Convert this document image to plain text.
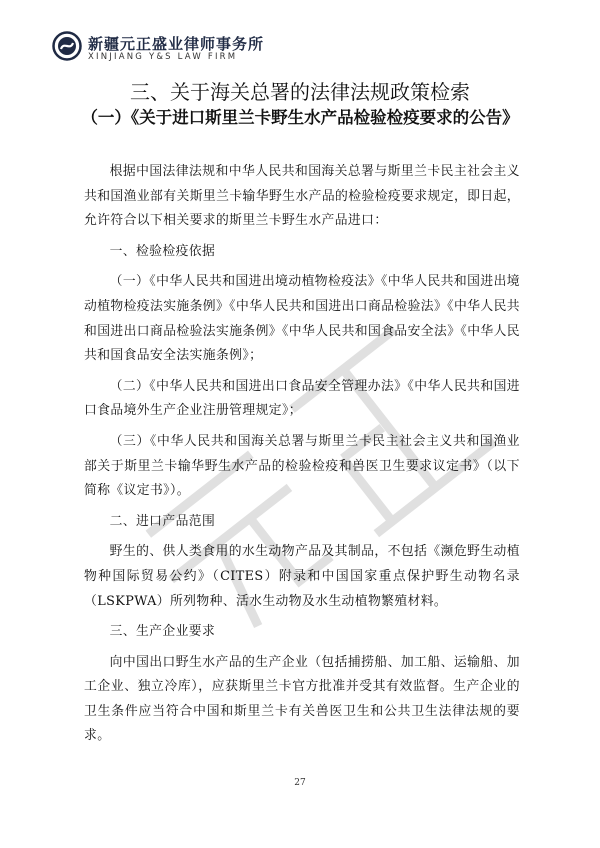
新疆元正盛业律师事务所
XINJIANG Y&S LAW FIRM
三、关于海关总署的法律法规政策检索
（一）《关于进口斯里兰卡野生水产品检验检疫要求的公告》

根据中国法律法规和中华人民共和国海关总署与斯里兰卡民主社会主义共和国渔业部有关斯里兰卡输华野生水产品的检验检疫要求规定，即日起，允许符合以下相关要求的斯里兰卡野生水产品进口：

一、检验检疫依据

（一）《中华人民共和国进出境动植物检疫法》《中华人民共和国进出境动植物检疫法实施条例》《中华人民共和国进出口商品检验法》《中华人民共和国进出口商品检验法实施条例》《中华人民共和国食品安全法》《中华人民共和国食品安全法实施条例》；

（二）《中华人民共和国进出口食品安全管理办法》《中华人民共和国进口食品境外生产企业注册管理规定》；

（三）《中华人民共和国海关总署与斯里兰卡民主社会主义共和国渔业部关于斯里兰卡输华野生水产品的检验检疫和兽医卫生要求议定书》（以下简称《议定书》）。

二、进口产品范围

野生的、供人类食用的水生动物产品及其制品，不包括《濒危野生动植物种国际贸易公约》（CITES）附录和中国国家重点保护野生动物名录（LSKPWA）所列物种、活水生动物及水生动植物繁殖材料。

三、生产企业要求

向中国出口野生水产品的生产企业（包括捕捞船、加工船、运输船、加工企业、独立冷库），应获斯里兰卡官方批准并受其有效监督。生产企业的卫生条件应当符合中国和斯里兰卡有关兽医卫生和公共卫生法律法规的要求。

27
